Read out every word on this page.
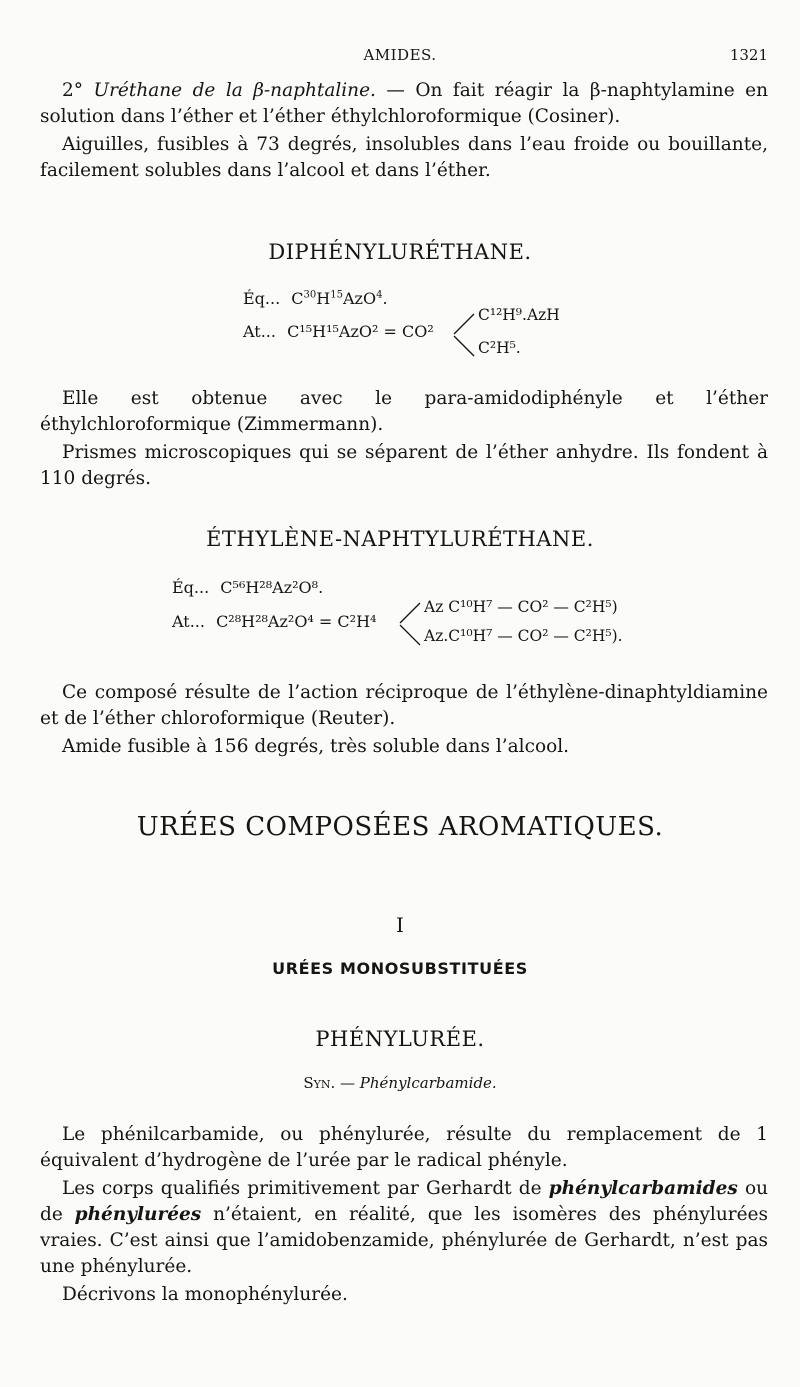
AMIDES.	1321

2° Uréthane de la β-naphtaline. — On fait réagir la β-naphtylamine en solution dans l’éther et l’éther éthylchloroformique (Cosiner).

Aiguilles, fusibles à 73 degrés, insolubles dans l’eau froide ou bouillante, facilement solubles dans l’alcool et dans l’éther.

DIPHÉNYLURÉTHANE.
Éq... $C^{30}H^{15}AzO^4$.
At... C¹⁵H¹⁵AzO² = CO²
C¹²H⁹.AzH
C²H⁵.

Elle est obtenue avec le para-amidodiphényle et l’éther éthylchloroformique (Zimmermann).

Prismes microscopiques qui se séparent de l’éther anhydre. Ils fondent à 110 degrés.

ÉTHYLÈNE-NAPHTYLURÉTHANE.
Éq... C⁵⁶H²⁸Az²O⁸.
At... C²⁸H²⁸Az²O⁴ = C²H⁴
Az C¹⁰H⁷ — CO² — C²H⁵)
Az.C¹⁰H⁷ — CO² — C²H⁵).

Ce composé résulte de l’action réciproque de l’éthylène-dinaphtyldiamine et de l’éther chloroformique (Reuter).

Amide fusible à 156 degrés, très soluble dans l’alcool.

URÉES COMPOSÉES AROMATIQUES.
I
URÉES MONOSUBSTITUÉES
PHÉNYLURÉE.
Syn. — Phénylcarbamide.

Le phénilcarbamide, ou phénylurée, résulte du remplacement de 1 équivalent d’hydrogène de l’urée par le radical phényle.

Les corps qualifiés primitivement par Gerhardt de phénylcarbamides ou de phénylurées n’étaient, en réalité, que les isomères des phénylurées vraies. C’est ainsi que l’amidobenzamide, phénylurée de Gerhardt, n’est pas une phénylurée.

Décrivons la monophénylurée.
